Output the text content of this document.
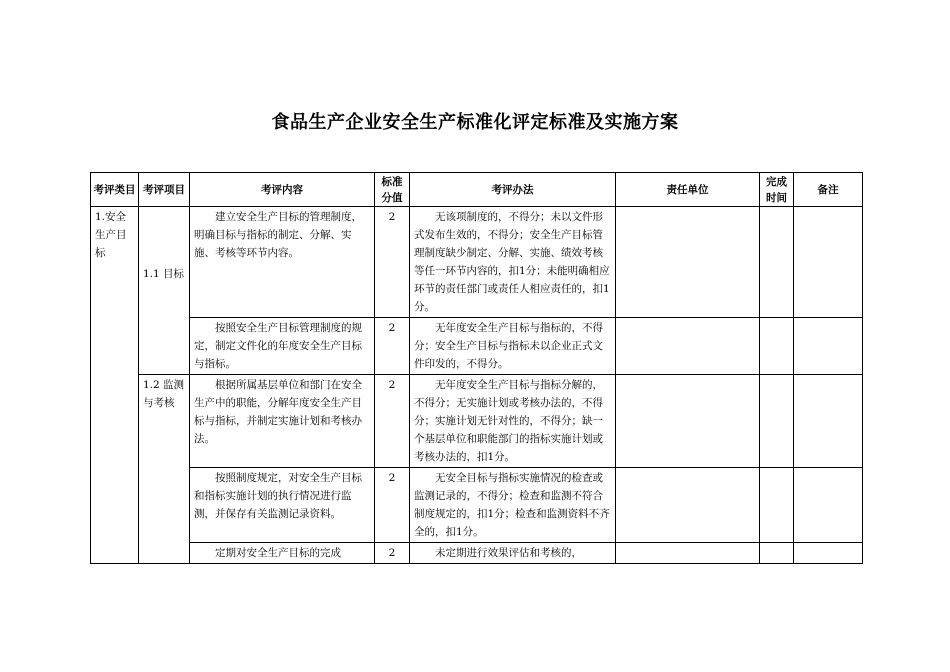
食品生产企业安全生产标准化评定标准及实施方案
考评类目	考评项目	考评内容	标准分值	考评办法	责任单位	完成时间	备注
1.安全生产目标	1.1 目标	建立安全生产目标的管理制度，明确目标与指标的制定、分解、实施、考核等环节内容。	2	无该项制度的，不得分；未以文件形式发布生效的，不得分；安全生产目标管理制度缺少制定、分解、实施、绩效考核等任一环节内容的，扣1分；未能明确相应环节的责任部门或责任人相应责任的，扣1分。			
		按照安全生产目标管理制度的规定，制定文件化的年度安全生产目标与指标。	2	无年度安全生产目标与指标的，不得分；安全生产目标与指标未以企业正式文件印发的，不得分。			
	1.2 监测与考核	根据所属基层单位和部门在安全生产中的职能，分解年度安全生产目标与指标，并制定实施计划和考核办法。	2	无年度安全生产目标与指标分解的，不得分；无实施计划或考核办法的，不得分；实施计划无针对性的，不得分；缺一个基层单位和职能部门的指标实施计划或考核办法的，扣1分。			
		按照制度规定，对安全生产目标和指标实施计划的执行情况进行监测，并保存有关监测记录资料。	2	无安全目标与指标实施情况的检查或监测记录的，不得分；检查和监测不符合制度规定的，扣1分；检查和监测资料不齐全的，扣1分。			
		定期对安全生产目标的完成	2	未定期进行效果评估和考核的，			
